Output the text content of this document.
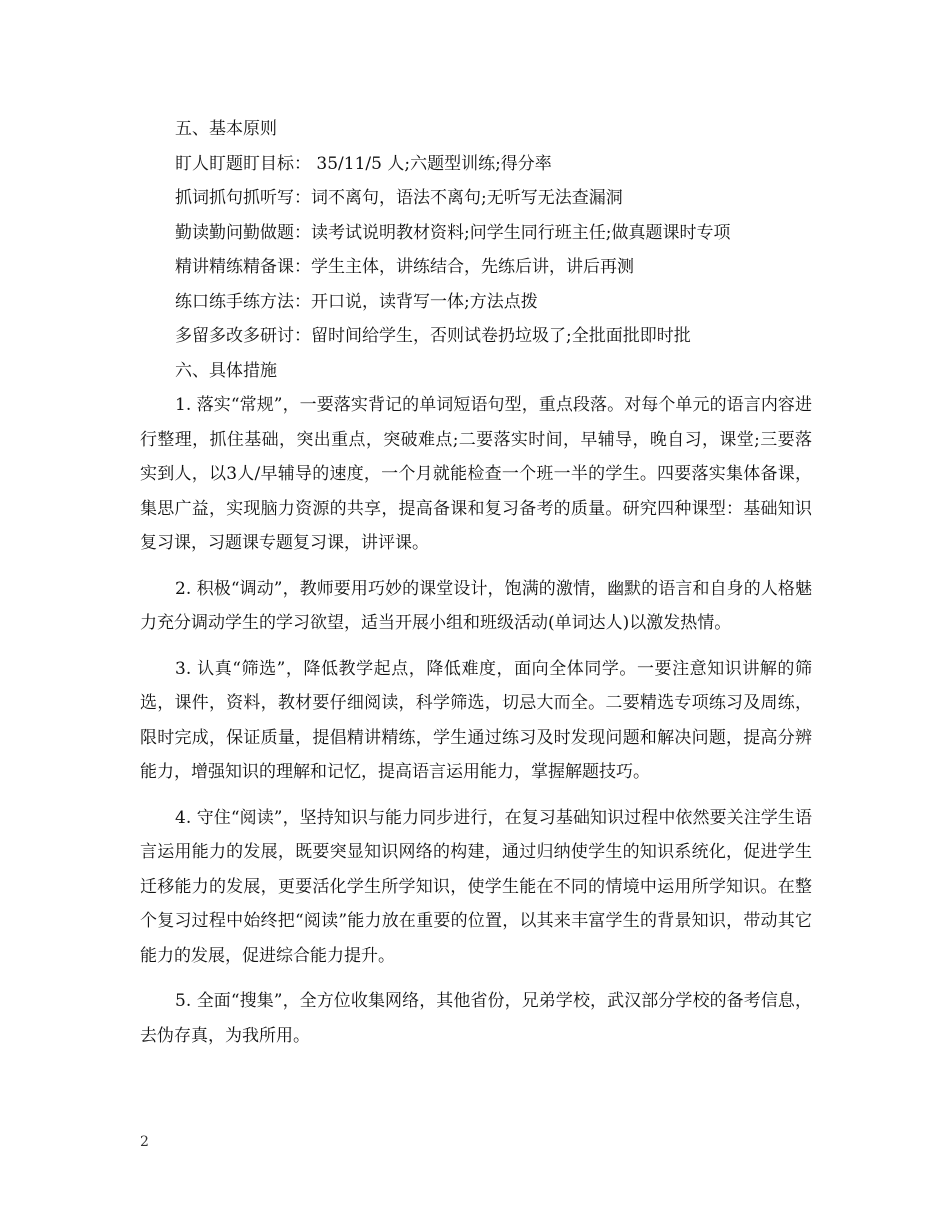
五、基本原则
盯人盯题盯目标： 35/11/5 人;六题型训练;得分率
抓词抓句抓听写：词不离句，语法不离句;无听写无法查漏洞
勤读勤问勤做题：读考试说明教材资料;问学生同行班主任;做真题课时专项
精讲精练精备课：学生主体，讲练结合，先练后讲，讲后再测
练口练手练方法：开口说，读背写一体;方法点拨
多留多改多研讨：留时间给学生，否则试卷扔垃圾了;全批面批即时批
六、具体措施

1. 落实“常规”，一要落实背记的单词短语句型，重点段落。对每个单元的语言内容进行整理，抓住基础，突出重点，突破难点;二要落实时间，早辅导，晚自习，课堂;三要落实到人，以3人/早辅导的速度，一个月就能检查一个班一半的学生。四要落实集体备课，集思广益，实现脑力资源的共享，提高备课和复习备考的质量。研究四种课型：基础知识复习课，习题课专题复习课，讲评课。

2. 积极“调动”，教师要用巧妙的课堂设计，饱满的激情，幽默的语言和自身的人格魅力充分调动学生的学习欲望，适当开展小组和班级活动(单词达人)以激发热情。

3. 认真“筛选”，降低教学起点，降低难度，面向全体同学。一要注意知识讲解的筛选，课件，资料，教材要仔细阅读，科学筛选，切忌大而全。二要精选专项练习及周练，限时完成，保证质量，提倡精讲精练，学生通过练习及时发现问题和解决问题，提高分辨能力，增强知识的理解和记忆，提高语言运用能力，掌握解题技巧。

4. 守住“阅读”，坚持知识与能力同步进行，在复习基础知识过程中依然要关注学生语言运用能力的发展，既要突显知识网络的构建，通过归纳使学生的知识系统化，促进学生迁移能力的发展，更要活化学生所学知识，使学生能在不同的情境中运用所学知识。在整个复习过程中始终把“阅读”能力放在重要的位置，以其来丰富学生的背景知识，带动其它能力的发展，促进综合能力提升。

5. 全面“搜集”，全方位收集网络，其他省份，兄弟学校，武汉部分学校的备考信息，去伪存真，为我所用。

2
